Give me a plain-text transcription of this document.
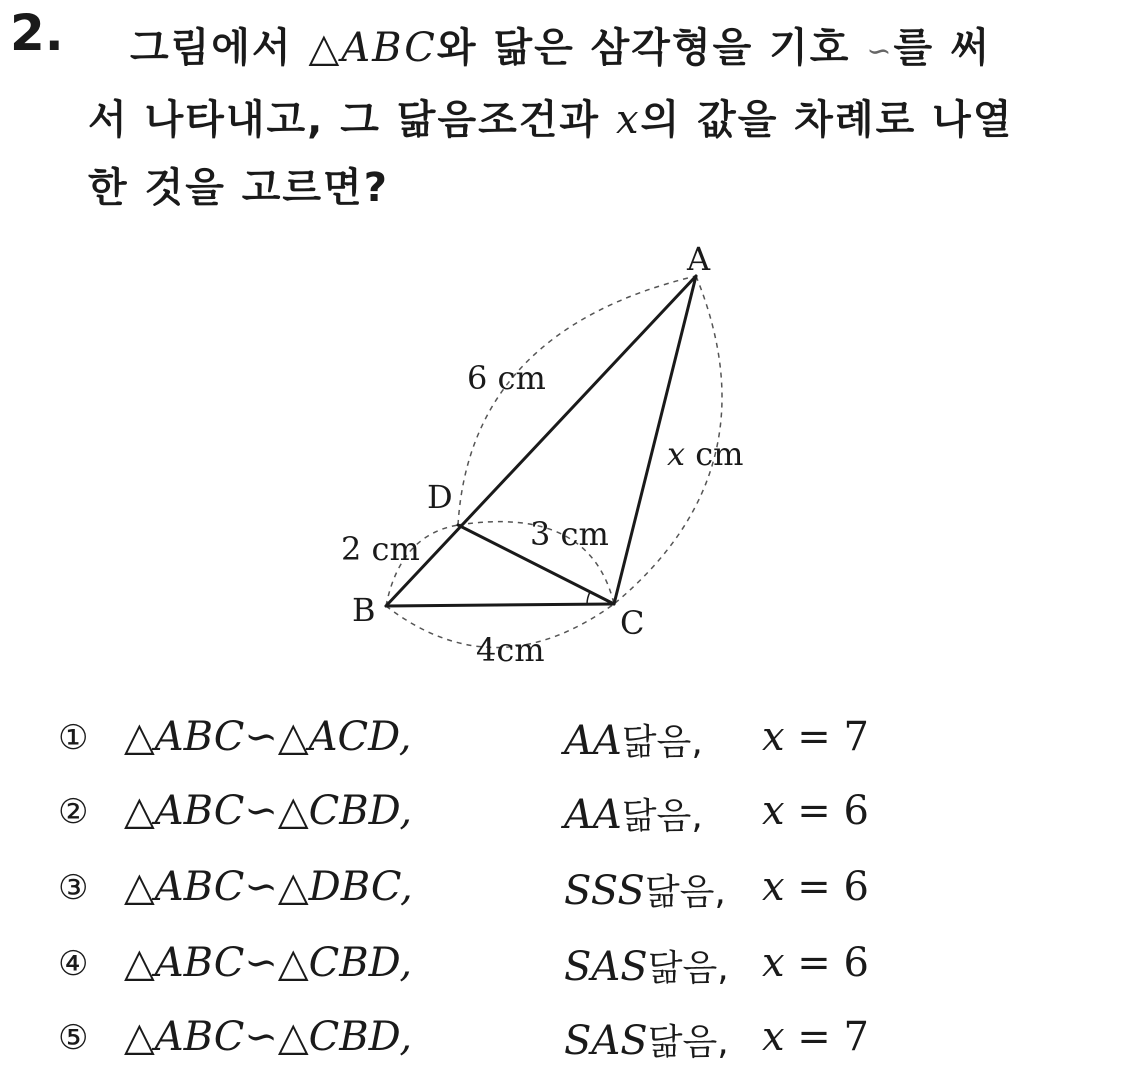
2.	그림에서 △ABC와 닮은 삼각형을 기호 ∽를 써
서 나타내고, 그 닮음조건과 x의 값을 차례로 나열
한 것을 고르면?
A
B	C
D
6 cm
2 cm
4cm
3 cm
x cm
① △ABC∽△ACD,	AA닮음, x = 7
② △ABC∽△CBD,	AA닮음, x = 6
③ △ABC∽△DBC,	SSS닮음, x = 6
④ △ABC∽△CBD,	SAS닮음, x = 6
⑤ △ABC∽△CBD,	SAS닮음, x = 7
